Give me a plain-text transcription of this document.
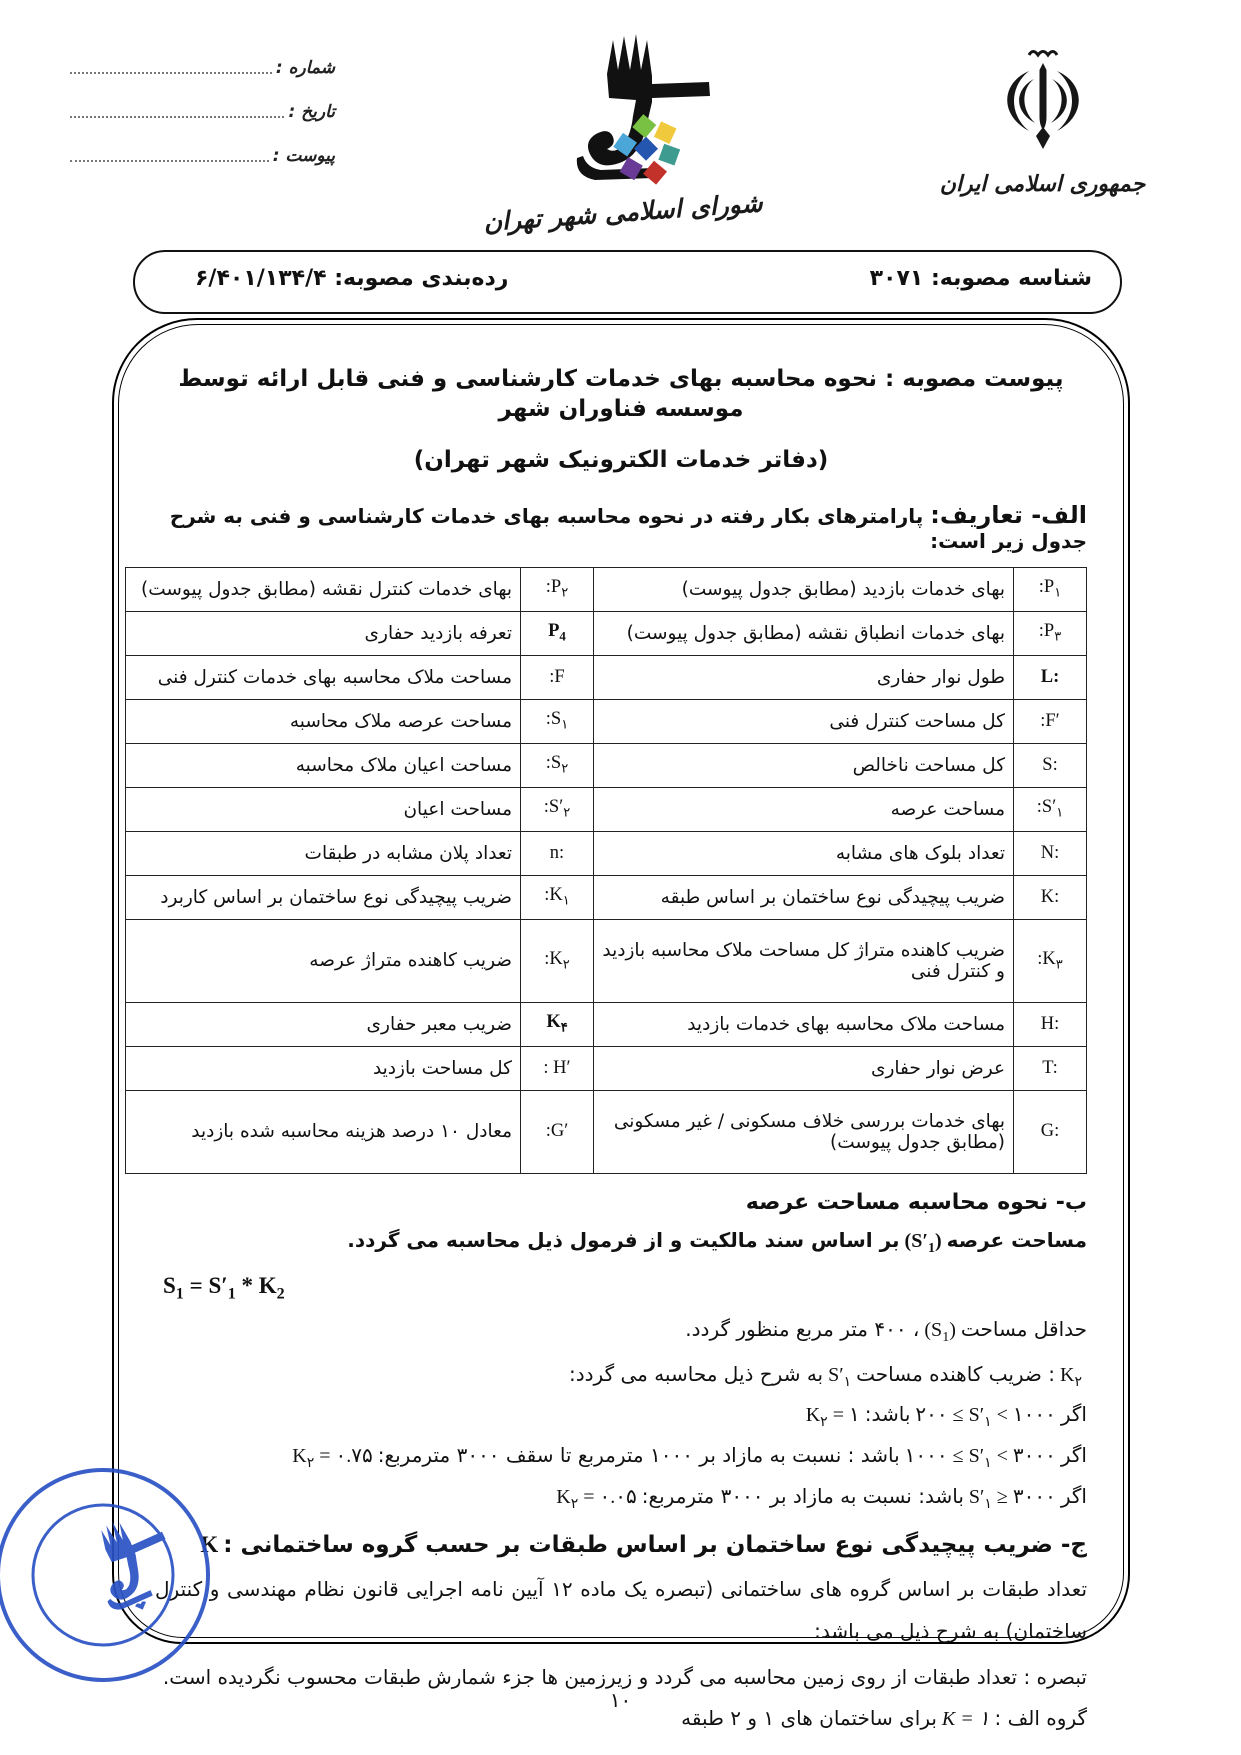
شماره :
تاریخ :
پیوست :
شورای اسلامی شهر تهران
جمهوری اسلامی ایران
شناسه مصوبه: ۳۰۷۱
رده‌بندی مصوبه: ۶/۴۰۱/۱۳۴/۴
پیوست مصوبه : نحوه محاسبه بهای خدمات کارشناسی و فنی قابل ارائه توسط موسسه فناوران شهر
(دفاتر خدمات الکترونیک شهر تهران)
الف- تعاریف: پارامترهای بکار رفته در نحوه محاسبه بهای خدمات کارشناسی و فنی به شرح جدول زیر است:
$:P_۱$	بهای خدمات بازدید (مطابق جدول پیوست)	$:P_۲$	بهای خدمات کنترل نقشه (مطابق جدول پیوست)
$:P_۳$	بهای خدمات انطباق نقشه (مطابق جدول پیوست)	$P_4$	تعرفه بازدید حفاری
L:	طول نوار حفاری	:F	مساحت ملاک محاسبه بهای خدمات کنترل فنی
:F′	کل مساحت کنترل فنی	$:S_۱$	مساحت عرصه ملاک محاسبه
S:	کل مساحت ناخالص	$:S_۲$	مساحت اعیان ملاک محاسبه
$:S'_۱$	مساحت عرصه	$:S'_۲$	مساحت اعیان
N:	تعداد بلوک های مشابه	n:	تعداد پلان مشابه در طبقات
K:	ضریب پیچیدگی نوع ساختمان بر اساس طبقه	$:K_۱$	ضریب پیچیدگی نوع ساختمان بر اساس کاربرد
$:K_۳$	ضریب کاهنده متراژ کل مساحت ملاک محاسبه بازدید و کنترل فنی	$:K_۲$	ضریب کاهنده متراژ عرصه
H:	مساحت ملاک محاسبه بهای خدمات بازدید	$K_۴$	ضریب معبر حفاری
T:	عرض نوار حفاری	: H′	کل مساحت بازدید
G:	بهای خدمات بررسی خلاف مسکونی / غیر مسکونی (مطابق جدول پیوست)	:G′	معادل ۱۰ درصد هزینه محاسبه شده بازدید
ب- نحوه محاسبه مساحت عرصه
مساحت $عرصه(S'_1)بر$ اساس سند مالکیت و از فرمول ذیل محاسبه می گردد.
$S_1 = S'_1 * K_2$
حداقل $مساحت(S_1)،$ ۴۰۰ متر مربع منظور گردد.
$K_۲$: ضریب کاهنده $مساحتS'_۱به$ شرح ذیل محاسبه می گردد:
اگر۲۰۰ ≤ $S'_۱$ < $۱۰۰۰باشد:K_۲$ = ۱
اگر۱۰۰۰ ≤ $S'_۱$ < ۳۰۰۰باشد : نسبت به مازاد بر ۱۰۰۰ مترمربع تا سقف ۳۰۰۰ $مترمربع:K_۲$ = ۰.۷۵
$اگرS'_۱$ ≥ ۳۰۰۰باشد: نسبت به مازاد بر ۳۰۰۰ $مترمربع:K_۲$ = ۰.۰۵
ج- ضریب پیچیدگی نوع ساختمان بر اساس طبقات بر حسب گروه ساختمانی :K
تعداد طبقات بر اساس گروه های ساختمانی (تبصره یک ماده ۱۲ آیین نامه اجرایی قانون نظام مهندسی و کنترل ساختمان) به شرح ذیل می باشد:
تبصره : تعداد طبقات از روی زمین محاسبه می گردد و زیرزمین ها جزء شمارش طبقات محسوب نگردیده است.
گروه الف :K = ۱برای ساختمان های ۱ و ۲ طبقه
۱۰
